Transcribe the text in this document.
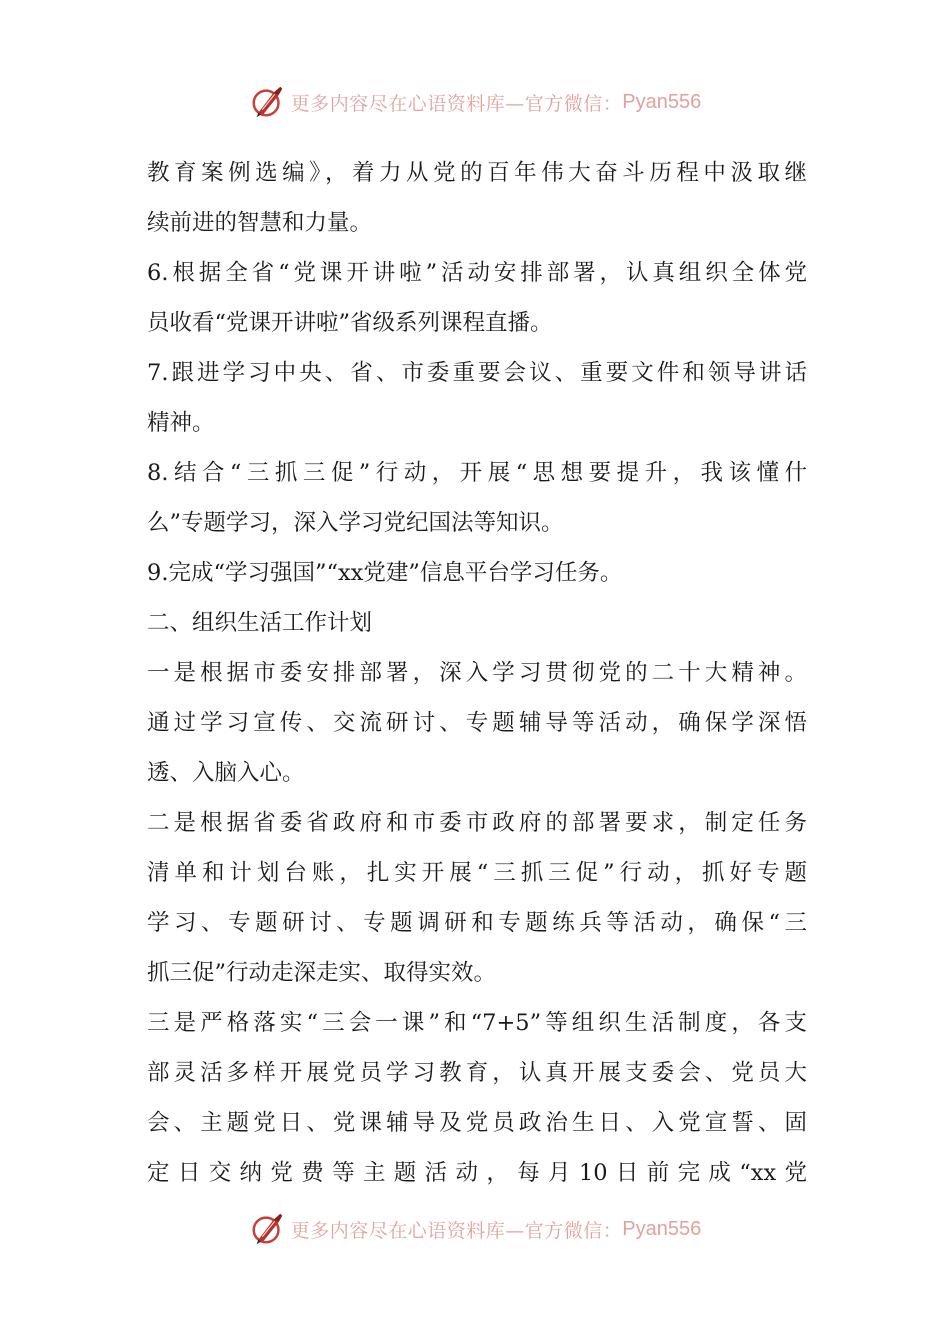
更多内容尽在心语资料库—官方微信： Pyan556
教育案例选编》，着力从党的百年伟大奋斗历程中汲取继
续前进的智慧和力量。
6.根据全省“党课开讲啦”活动安排部署，认真组织全体党
员收看“党课开讲啦”省级系列课程直播。
7.跟进学习中央、省、市委重要会议、重要文件和领导讲话
精神。
8.结合“三抓三促”行动，开展“思想要提升，我该懂什
么”专题学习，深入学习党纪国法等知识。
9.完成“学习强国”“xx党建”信息平台学习任务。
二、组织生活工作计划
一是根据市委安排部署，深入学习贯彻党的二十大精神。
通过学习宣传、交流研讨、专题辅导等活动，确保学深悟
透、入脑入心。
二是根据省委省政府和市委市政府的部署要求，制定任务
清单和计划台账，扎实开展“三抓三促”行动，抓好专题
学习、专题研讨、专题调研和专题练兵等活动，确保“三
抓三促”行动走深走实、取得实效。
三是严格落实“三会一课”和“7+5”等组织生活制度，各支
部灵活多样开展党员学习教育，认真开展支委会、党员大
会、主题党日、党课辅导及党员政治生日、入党宣誓、固
定日交纳党费等主题活动，每月10日前完成“xx党
更多内容尽在心语资料库—官方微信： Pyan556
